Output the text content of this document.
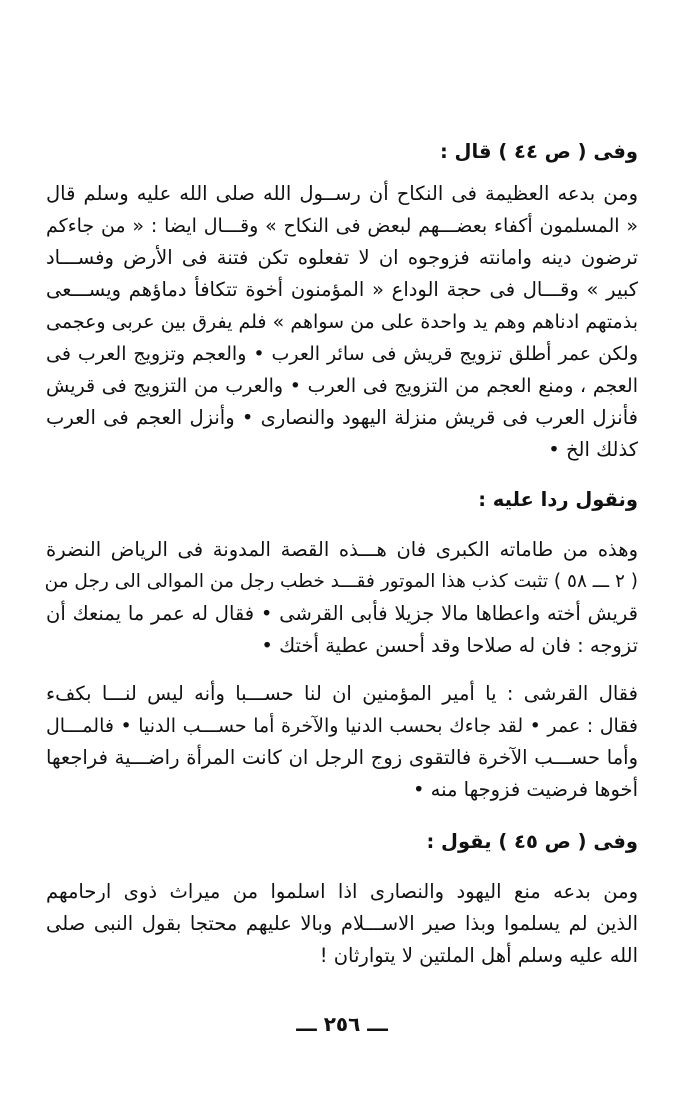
وفى ( ص ٤٤ ) قال :
ومن بدعه العظيمة فى النكاح أن رســول الله صلى الله عليه وسلم قال
« المسلمون أكفاء بعضـــهم لبعض فى النكاح » وقـــال ايضا : « من جاءكم
ترضون دينه وامانته فزوجوه ان لا تفعلوه تكن فتنة فى الأرض وفســـاد
كبير » وقـــال فى حجة الوداع « المؤمنون أخوة تتكافأ دماؤهم ويســـعى
بذمتهم ادناهم وهم يد واحدة على من سواهم » فلم يفرق بين عربى وعجمى
ولكن عمر أطلق تزويج قريش فى سائر العرب • والعجم وتزويج العرب فى
العجم ، ومنع العجم من التزويج فى العرب • والعرب من التزويج فى قريش
فأنزل العرب فى قريش منزلة اليهود والنصارى • وأنزل العجم فى العرب
كذلك الخ •
ونقول ردا عليه :
وهذه من طاماته الكبرى فان هـــذه القصة المدونة فى الرياض النضرة
( ٢ ـــ ٥٨ ) تثبت كذب هذا الموتور فقـــد خطب رجل من الموالى الى رجل من
قريش أخته واعطاها مالا جزيلا فأبى القرشى • فقال له عمر ما يمنعك أن
تزوجه : فان له صلاحا وقد أحسن عطية أختك •
فقال القرشى : يا أمير المؤمنين ان لنا حســـبا وأنه ليس لنـــا بكفء
فقال : عمر • لقد جاءك بحسب الدنيا والآخرة أما حســـب الدنيا • فالمـــال
وأما حســـب الآخرة فالتقوى زوج الرجل ان كانت المرأة راضـــية فراجعها
أخوها فرضيت فزوجها منه •
وفى ( ص ٤٥ ) يقول :
ومن بدعه منع اليهود والنصارى اذا اسلموا من ميراث ذوى ارحامهم
الذين لم يسلموا وبذا صير الاســـلام وبالا عليهم محتجا بقول النبى صلى
الله عليه وسلم أهل الملتين لا يتوارثان !
ـــ ٢٥٦ ـــ
